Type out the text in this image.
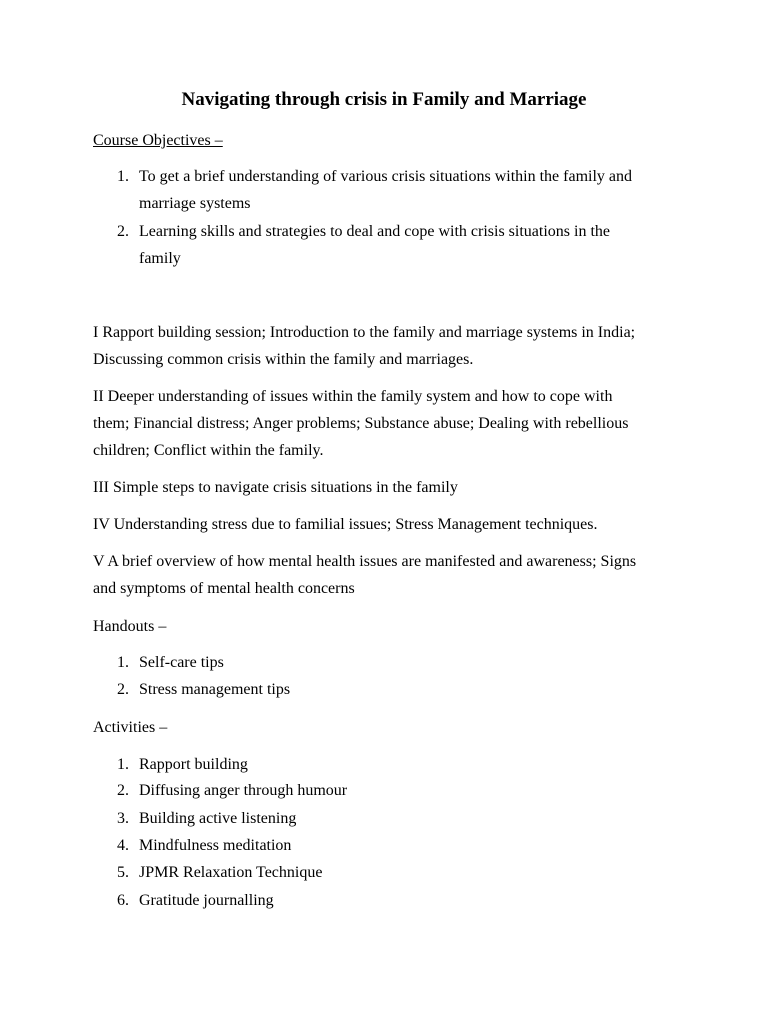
Navigating through crisis in Family and Marriage
Course Objectives –
1. To get a brief understanding of various crisis situations within the family and
marriage systems
2. Learning skills and strategies to deal and cope with crisis situations in the
family
I Rapport building session; Introduction to the family and marriage systems in India;
Discussing common crisis within the family and marriages.
II Deeper understanding of issues within the family system and how to cope with
them; Financial distress; Anger problems; Substance abuse; Dealing with rebellious
children; Conflict within the family.
III Simple steps to navigate crisis situations in the family
IV Understanding stress due to familial issues; Stress Management techniques.
V A brief overview of how mental health issues are manifested and awareness; Signs
and symptoms of mental health concerns
Handouts –
1. Self-care tips
2. Stress management tips
Activities –
1. Rapport building
2. Diffusing anger through humour
3. Building active listening
4. Mindfulness meditation
5. JPMR Relaxation Technique
6. Gratitude journalling
